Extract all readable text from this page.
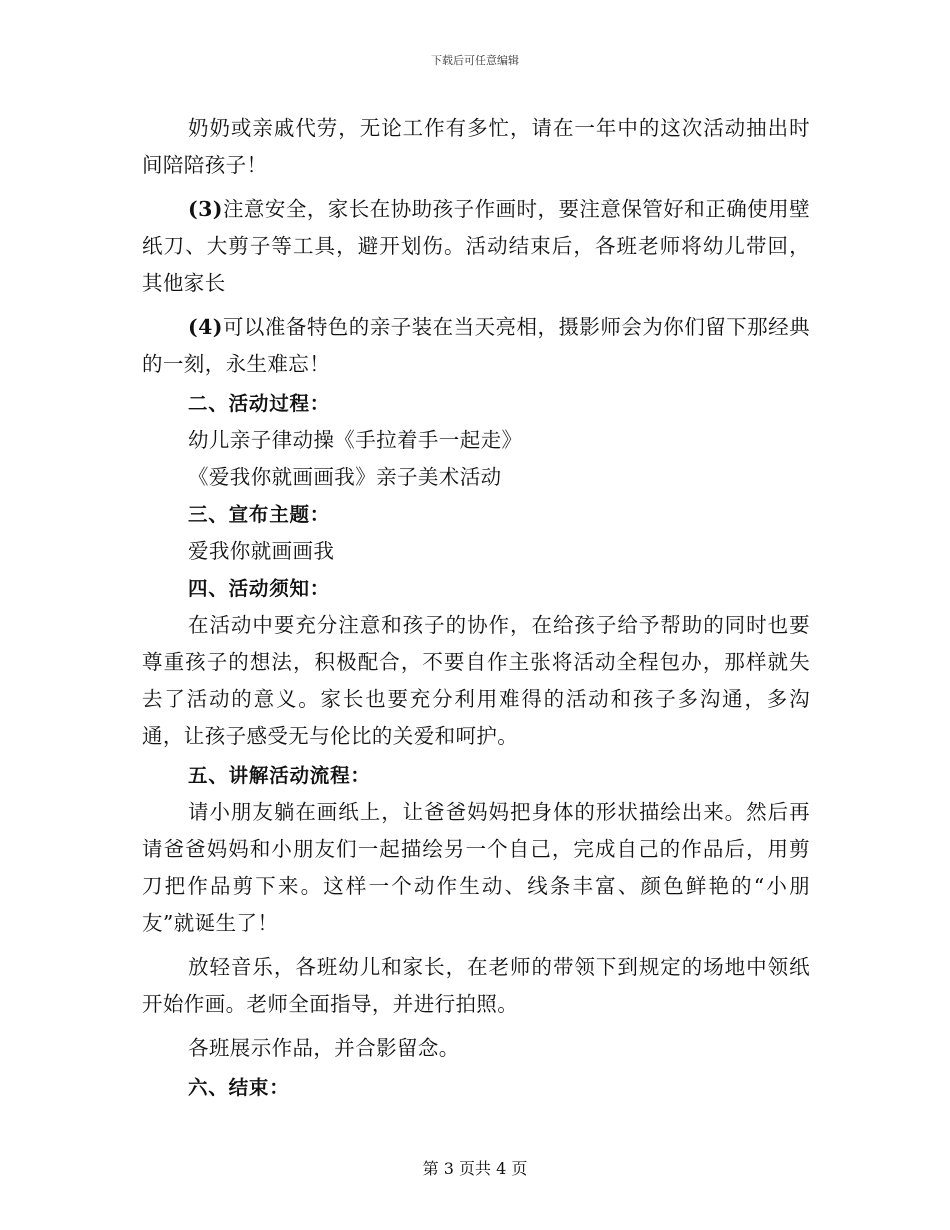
下载后可任意编辑

奶奶或亲戚代劳，无论工作有多忙，请在一年中的这次活动抽出时间陪陪孩子！

(3)注意安全，家长在协助孩子作画时，要注意保管好和正确使用壁纸刀、大剪子等工具，避开划伤。活动结束后，各班老师将幼儿带回，其他家长

(4)可以准备特色的亲子装在当天亮相，摄影师会为你们留下那经典的一刻，永生难忘！

二、活动过程：

幼儿亲子律动操《手拉着手一起走》

《爱我你就画画我》亲子美术活动

三、宣布主题：

爱我你就画画我

四、活动须知：

在活动中要充分注意和孩子的协作，在给孩子给予帮助的同时也要尊重孩子的想法，积极配合，不要自作主张将活动全程包办，那样就失去了活动的意义。家长也要充分利用难得的活动和孩子多沟通，多沟通，让孩子感受无与伦比的关爱和呵护。

五、讲解活动流程：

请小朋友躺在画纸上，让爸爸妈妈把身体的形状描绘出来。然后再请爸爸妈妈和小朋友们一起描绘另一个自己，完成自己的作品后，用剪刀把作品剪下来。这样一个动作生动、线条丰富、颜色鲜艳的“小朋友”就诞生了！

放轻音乐，各班幼儿和家长，在老师的带领下到规定的场地中领纸开始作画。老师全面指导，并进行拍照。

各班展示作品，并合影留念。

六、结束：

第 3 页共 4 页
